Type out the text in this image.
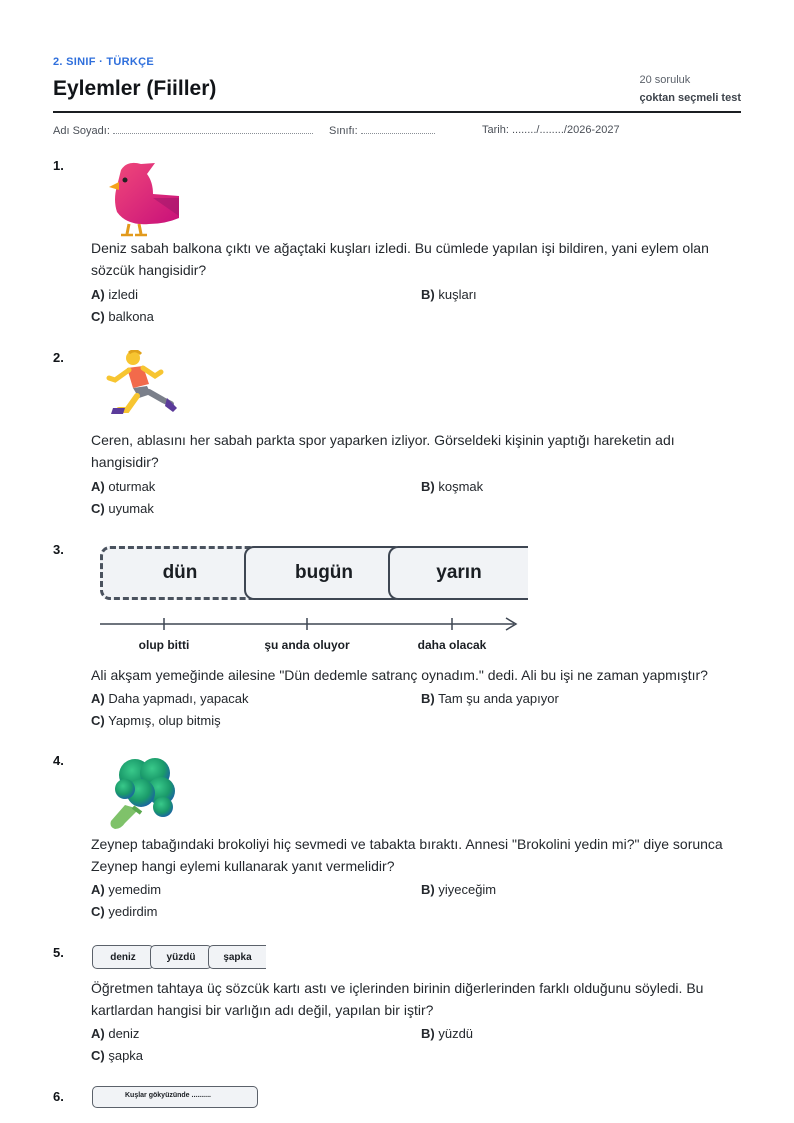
2. SINIF · TÜRKÇE
Eylemler (Fiiller)	20 soruluk
çoktan seçmeli test
Adı Soyadı:	Sınıfı:	Tarih: ......../......../2026-2027
1.
Deniz sabah balkona çıktı ve ağaçtaki kuşları izledi. Bu cümlede yapılan işi bildiren, yani eylem olan sözcük hangisidir?
A) izledi	B) kuşları
C) balkona
2.
Ceren, ablasını her sabah parkta spor yaparken izliyor. Görseldeki kişinin yaptığı hareketin adı hangisidir?
A) oturmak	B) koşmak
C) uyumak
3.
dün	bugün	yarın
olup bitti	şu anda oluyor	daha olacak
Ali akşam yemeğinde ailesine "Dün dedemle satranç oynadım." dedi. Ali bu işi ne zaman yapmıştır?
A) Daha yapmadı, yapacak	B) Tam şu anda yapıyor
C) Yapmış, olup bitmiş
4.
Zeynep tabağındaki brokoliyi hiç sevmedi ve tabakta bıraktı. Annesi "Brokolini yedin mi?" diye sorunca Zeynep hangi eylemi kullanarak yanıt vermelidir?
A) yemedim	B) yiyeceğim
C) yedirdim
5.	deniz	yüzdü	şapka
Öğretmen tahtaya üç sözcük kartı astı ve içlerinden birinin diğerlerinden farklı olduğunu söyledi. Bu kartlardan hangisi bir varlığın adı değil, yapılan bir iştir?
A) deniz	B) yüzdü
C) şapka
6.	Kuşlar gökyüzünde ..........
